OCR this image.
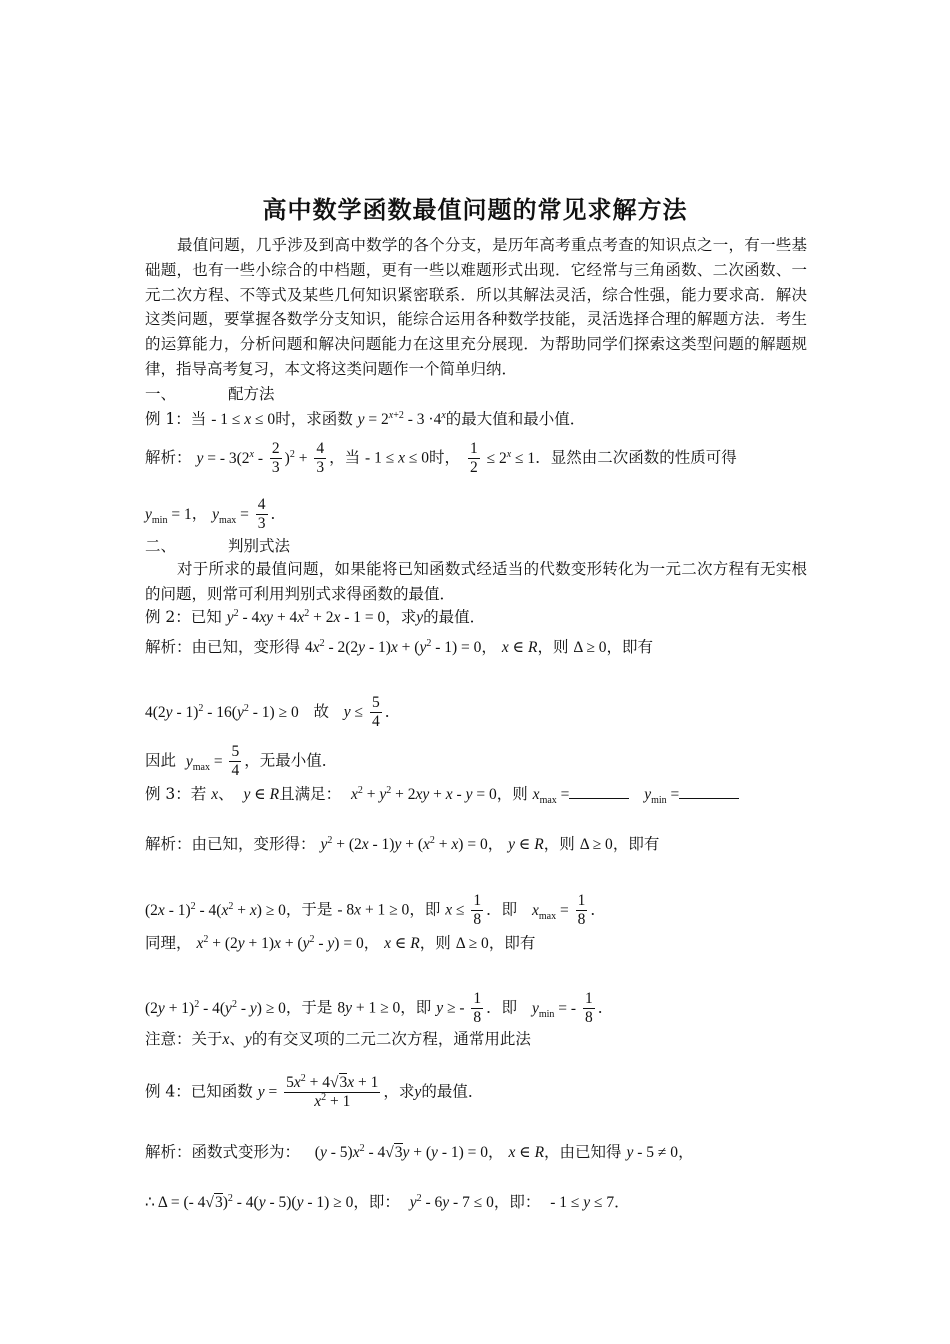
高中数学函数最值问题的常见求解方法
最值问题，几乎涉及到高中数学的各个分支，是历年高考重点考查的知识点之一，有一些基础题，也有一些小综合的中档题，更有一些以难题形式出现．它经常与三角函数、二次函数、一元二次方程、不等式及某些几何知识紧密联系．所以其解法灵活，综合性强，能力要求高．解决这类问题，要掌握各数学分支知识，能综合运用各种数学技能，灵活选择合理的解题方法．考生的运算能力，分析问题和解决问题能力在这里充分展现．为帮助同学们探索这类型问题的解题规律，指导高考复习，本文将这类问题作一个简单归纳．
一、	配方法
例 1：当 - 1 ≤ x ≤ 0时，求函数 $y = 2^{x+2} - 3 \cdot 4^x$的最大值和最小值．
解析： y = - $3(2^x - \frac{2}{3} )^2 + \frac{4}{3}$ ，当 - 1 ≤ x ≤ 0时， $\frac{1}{2} \le 2^x \le 1$．显然由二次函数的性质可得
$y_{min} = 1$， $y_{max} = \frac{4}{3}$ ．
二、	判别式法
对于所求的最值问题，如果能将已知函数式经适当的代数变形转化为一元二次方程有无实根的问题，则常可利用判别式求得函数的最值．
例 2：已知 $y^2 - 4xy + 4x^2 + 2x - 1 = 0$，求y的最值．
解析：由已知，变形得 $4x^2 - 2(2y - 1)x + (y^2 - 1) = 0$， x ∈ R，则 Δ ≥ 0，即有
$4(2y - 1)^2 - 16(y^2 - 1) \ge 0$ 故 $y \le \frac{5}{4}$ ．
因此 $y_{max} = \frac{5}{4}$ ，无最小值．
例 3：若 x、 y ∈ R且满足： $x^2 + y^2 + 2xy + x - y = 0$，则 $x_{max}$ =	$y_{min}$ =
解析：由已知，变形得： $y^2 + (2x - 1)y + (x^2 + x) = 0$， y ∈ R，则 Δ ≥ 0，即有
$(2x - 1)^2 - 4(x^2 + x) \ge 0$，于是 - 8x + 1 ≥ 0，即 $x \le \frac{1}{8}$ ．即 $x_{max} = \frac{1}{8}$ ．
同理， $x^2 + (2y + 1)x + (y^2 - y) = 0$， x ∈ R，则 Δ ≥ 0，即有
$(2y + 1)^2 - 4(y^2 - y) \ge 0$，于是 8y + 1 ≥ 0，即 y ≥ - $\frac{1}{8}$ ．即 $y_{min}$ = - $\frac{1}{8}$ ．
注意：关于x、y的有交叉项的二元二次方程，通常用此法
例 4：已知函数 $y = \frac{5x^2 + 4√3x + 1}{x^2 + 1}$ ，求y的最值．
解析：函数式变形为： $(y - 5)x^2 - 4√3y + (y - 1) = 0$， x ∈ R，由已知得 y - 5 ≠ 0，
∴ Δ = (- 4√3)$^2$ - 4(y - 5)(y - 1) ≥ 0，即： $y^2 - 6y - 7 \le 0$，即： - 1 ≤ y ≤ 7．
